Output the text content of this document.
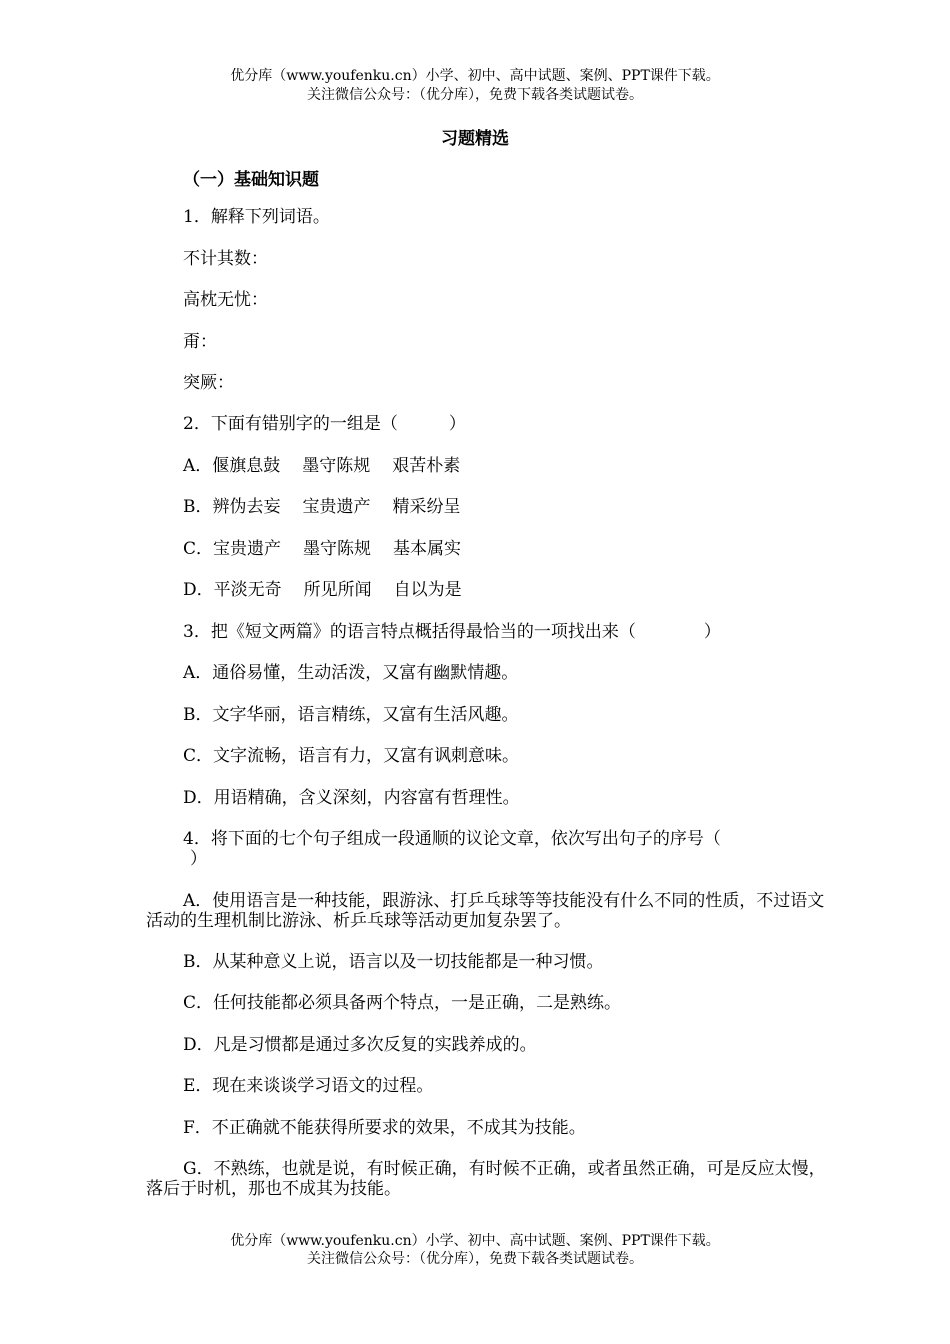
优分库（www.youfenku.cn）小学、初中、高中试题、案例、PPT课件下载。
关注微信公众号：（优分库），免费下载各类试题试卷。
习题精选
（一）基础知识题
1．解释下列词语。
不计其数：
高枕无忧：
甭：
突厥：
2．下面有错别字的一组是（　　　）
A．偃旗息鼓 墨守陈规 艰苦朴素
B．辨伪去妄 宝贵遗产 精采纷呈
C．宝贵遗产 墨守陈规 基本属实
D．平淡无奇 所见所闻 自以为是
3．把《短文两篇》的语言特点概括得最恰当的一项找出来（　　　　）
A．通俗易懂，生动活泼，又富有幽默情趣。
B．文字华丽，语言精练，又富有生活风趣。
C．文字流畅，语言有力，又富有讽刺意味。
D．用语精确，含义深刻，内容富有哲理性。
4．将下面的七个句子组成一段通顺的议论文章，依次写出句子的序号（
）
A．使用语言是一种技能，跟游泳、打乒乓球等等技能没有什么不同的性质，不过语文活动的生理机制比游泳、析乒乓球等活动更加复杂罢了。
B．从某种意义上说，语言以及一切技能都是一种习惯。
C．任何技能都必须具备两个特点，一是正确，二是熟练。
D．凡是习惯都是通过多次反复的实践养成的。
E．现在来谈谈学习语文的过程。
F．不正确就不能获得所要求的效果，不成其为技能。
G．不熟练，也就是说，有时候正确，有时候不正确，或者虽然正确，可是反应太慢，落后于时机，那也不成其为技能。
优分库（www.youfenku.cn）小学、初中、高中试题、案例、PPT课件下载。
关注微信公众号：（优分库），免费下载各类试题试卷。
